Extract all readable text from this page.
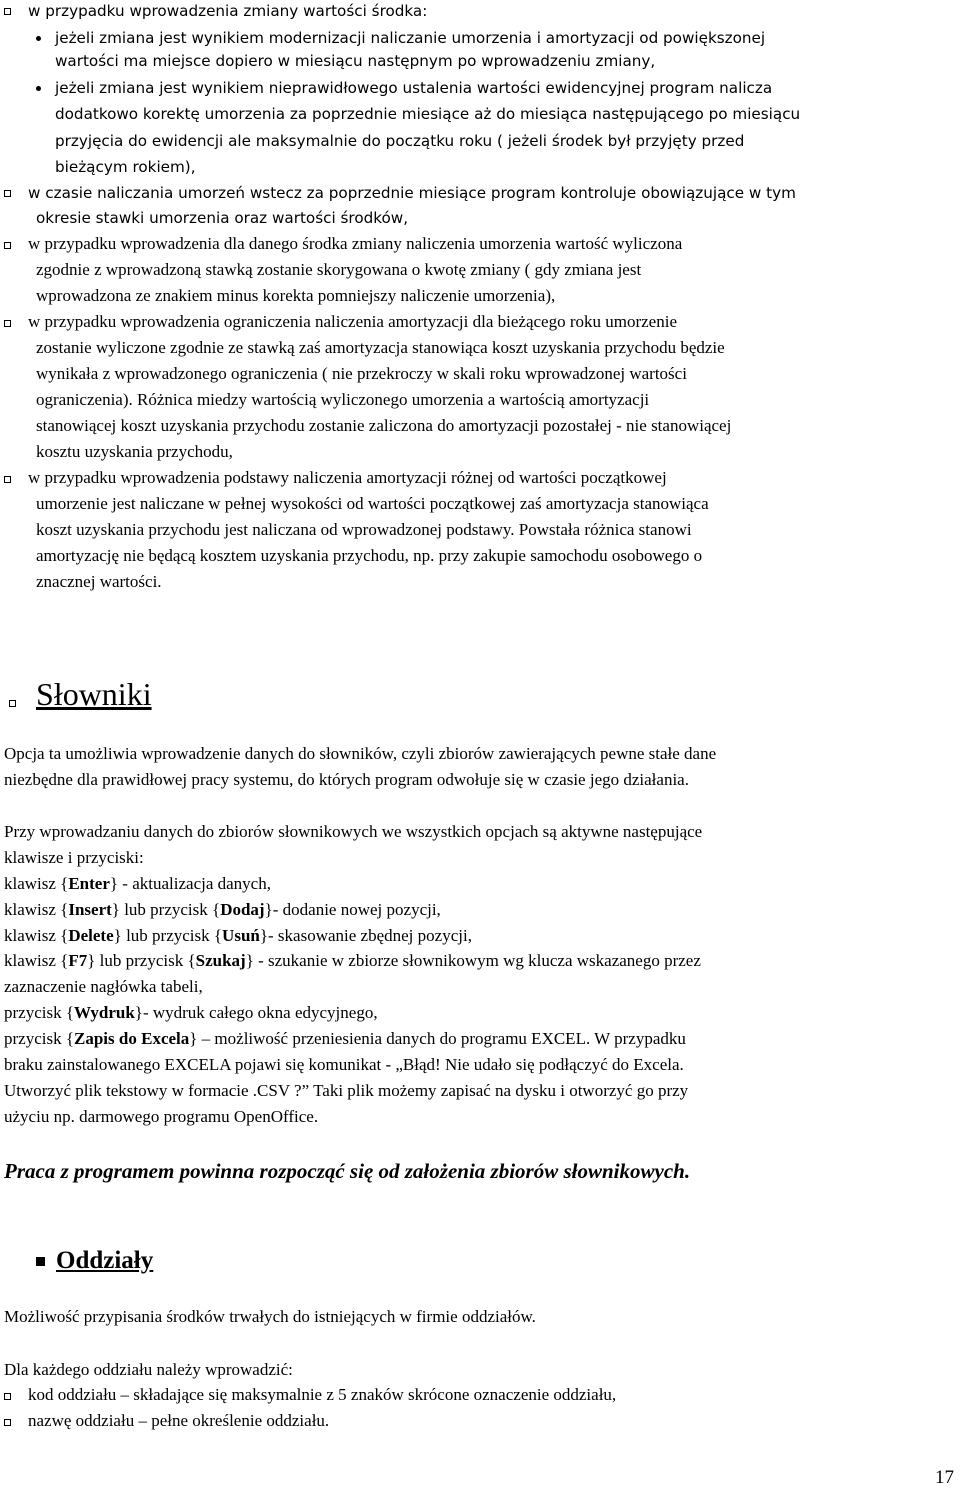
w przypadku wprowadzenia zmiany wartości środka:
jeżeli zmiana jest wynikiem modernizacji naliczanie umorzenia i amortyzacji od powiększonej
wartości ma miejsce dopiero w miesiącu następnym po wprowadzeniu zmiany,
jeżeli zmiana jest wynikiem nieprawidłowego ustalenia wartości ewidencyjnej program nalicza
dodatkowo korektę umorzenia za poprzednie miesiące aż do miesiąca następującego po miesiącu
przyjęcia do ewidencji ale maksymalnie do początku roku ( jeżeli środek był przyjęty przed
bieżącym rokiem),
w czasie naliczania umorzeń wstecz za poprzednie miesiące program kontroluje obowiązujące w tym
okresie stawki umorzenia oraz wartości środków,
w przypadku wprowadzenia dla danego środka zmiany naliczenia umorzenia wartość wyliczona
zgodnie z wprowadzoną stawką zostanie skorygowana o kwotę zmiany ( gdy zmiana jest
wprowadzona ze znakiem minus korekta pomniejszy naliczenie umorzenia),
w przypadku wprowadzenia ograniczenia naliczenia amortyzacji dla bieżącego roku umorzenie
zostanie wyliczone zgodnie ze stawką zaś amortyzacja stanowiąca koszt uzyskania przychodu będzie
wynikała z wprowadzonego ograniczenia ( nie przekroczy w skali roku wprowadzonej wartości
ograniczenia). Różnica miedzy wartością wyliczonego umorzenia a wartością amortyzacji
stanowiącej koszt uzyskania przychodu zostanie zaliczona do amortyzacji pozostałej - nie stanowiącej
kosztu uzyskania przychodu,
w przypadku wprowadzenia podstawy naliczenia amortyzacji różnej od wartości początkowej
umorzenie jest naliczane w pełnej wysokości od wartości początkowej zaś amortyzacja stanowiąca
koszt uzyskania przychodu jest naliczana od wprowadzonej podstawy. Powstała różnica stanowi
amortyzację nie będącą kosztem uzyskania przychodu, np. przy zakupie samochodu osobowego o
znacznej wartości.
Słowniki
Opcja ta umożliwia wprowadzenie danych do słowników, czyli zbiorów zawierających pewne stałe dane
niezbędne dla prawidłowej pracy systemu, do których program odwołuje się w czasie jego działania.
Przy wprowadzaniu danych do zbiorów słownikowych we wszystkich opcjach są aktywne następujące
klawisze i przyciski:
klawisz {Enter} - aktualizacja danych,
klawisz {Insert} lub przycisk {Dodaj}- dodanie nowej pozycji,
klawisz {Delete} lub przycisk {Usuń}- skasowanie zbędnej pozycji,
klawisz {F7} lub przycisk {Szukaj} - szukanie w zbiorze słownikowym wg klucza wskazanego przez
zaznaczenie nagłówka tabeli,
przycisk {Wydruk}- wydruk całego okna edycyjnego,
przycisk {Zapis do Excela} – możliwość przeniesienia danych do programu EXCEL. W przypadku
braku zainstalowanego EXCELA pojawi się komunikat - „Błąd! Nie udało się podłączyć do Excela.
Utworzyć plik tekstowy w formacie .CSV ?” Taki plik możemy zapisać na dysku i otworzyć go przy
użyciu np. darmowego programu OpenOffice.
Praca z programem powinna rozpocząć się od założenia zbiorów słownikowych.
Oddziały
Możliwość przypisania środków trwałych do istniejących w firmie oddziałów.
Dla każdego oddziału należy wprowadzić:
kod oddziału – składające się maksymalnie z 5 znaków skrócone oznaczenie oddziału,
nazwę oddziału – pełne określenie oddziału.
17
